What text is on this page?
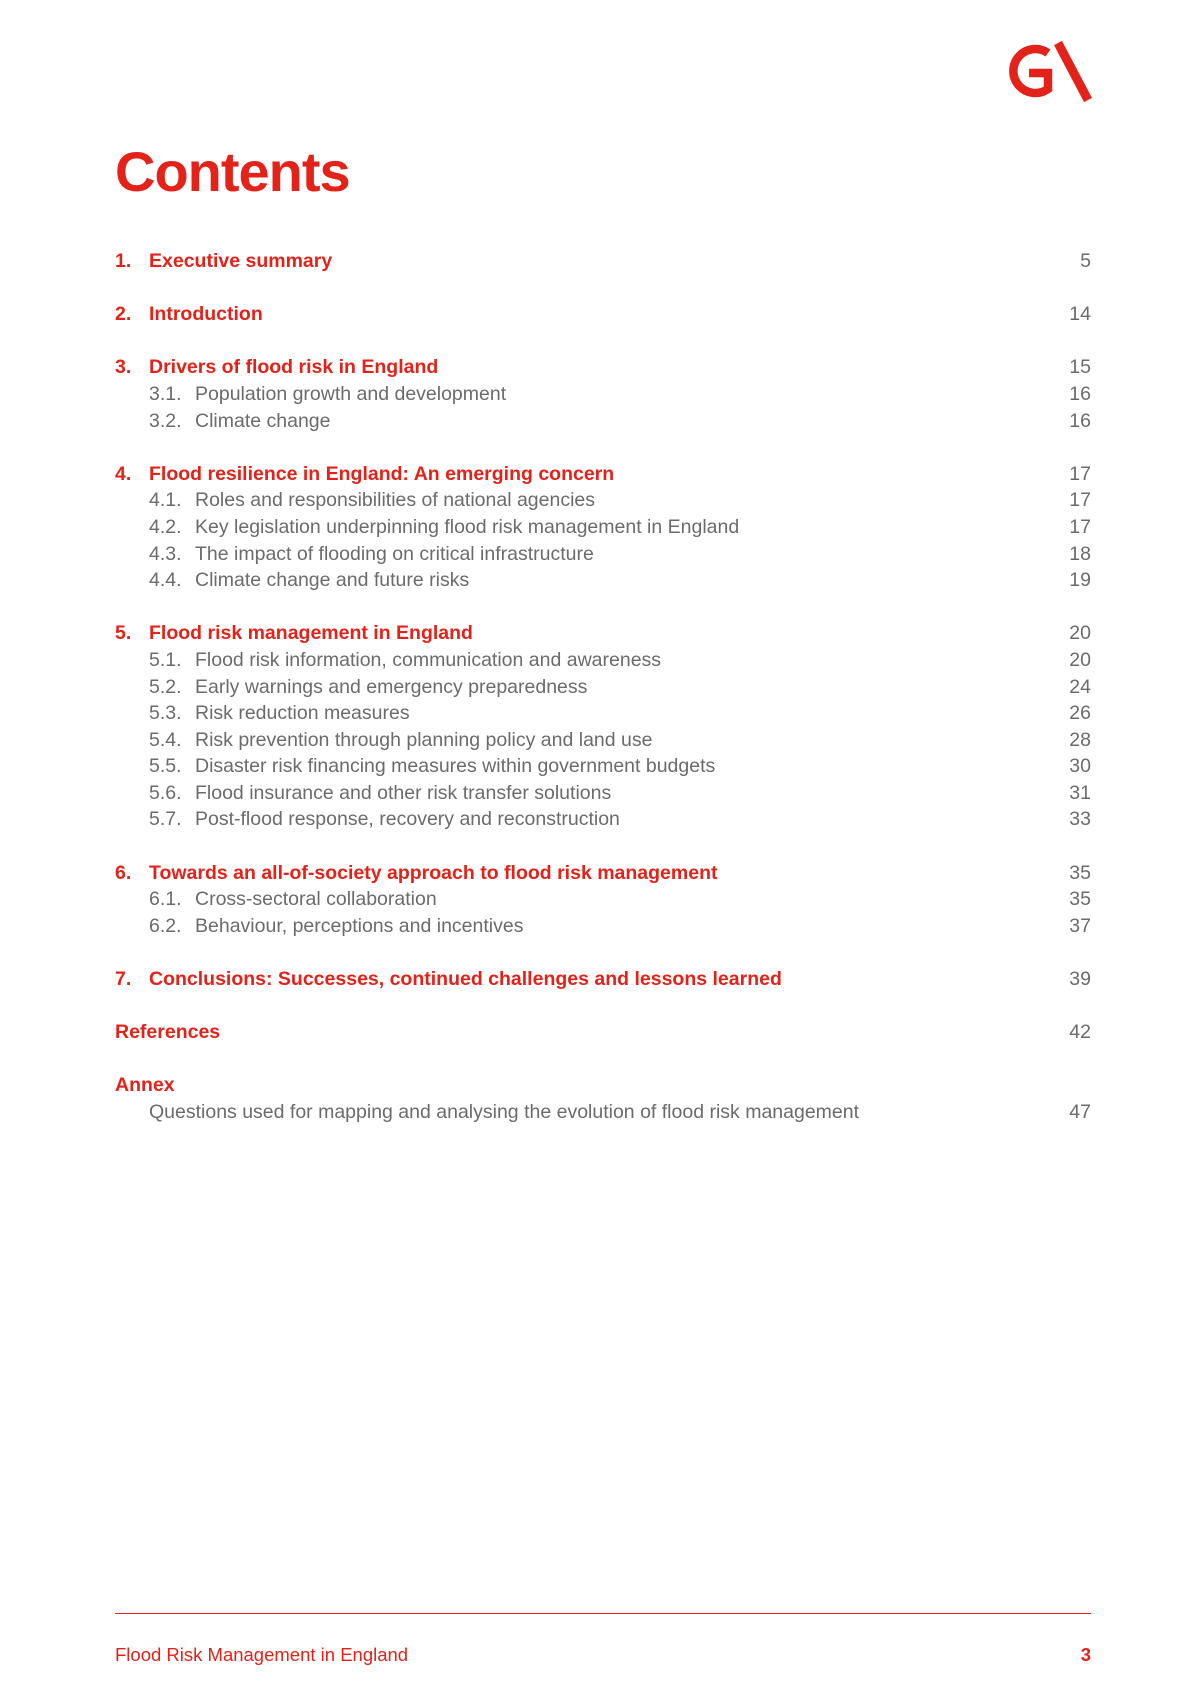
Contents
1. Executive summary	5
2. Introduction	14
3. Drivers of flood risk in England	15
3.1. Population growth and development	16
3.2. Climate change	16
4. Flood resilience in England: An emerging concern	17
4.1. Roles and responsibilities of national agencies	17
4.2. Key legislation underpinning flood risk management in England	17
4.3. The impact of flooding on critical infrastructure	18
4.4. Climate change and future risks	19
5. Flood risk management in England	20
5.1. Flood risk information, communication and awareness	20
5.2. Early warnings and emergency preparedness	24
5.3. Risk reduction measures	26
5.4. Risk prevention through planning policy and land use	28
5.5. Disaster risk financing measures within government budgets	30
5.6. Flood insurance and other risk transfer solutions	31
5.7. Post-flood response, recovery and reconstruction	33
6. Towards an all-of-society approach to flood risk management	35
6.1. Cross-sectoral collaboration	35
6.2. Behaviour, perceptions and incentives	37
7. Conclusions: Successes, continued challenges and lessons learned	39
References	42
Annex
Questions used for mapping and analysing the evolution of flood risk management	47
Flood Risk Management in England	3
